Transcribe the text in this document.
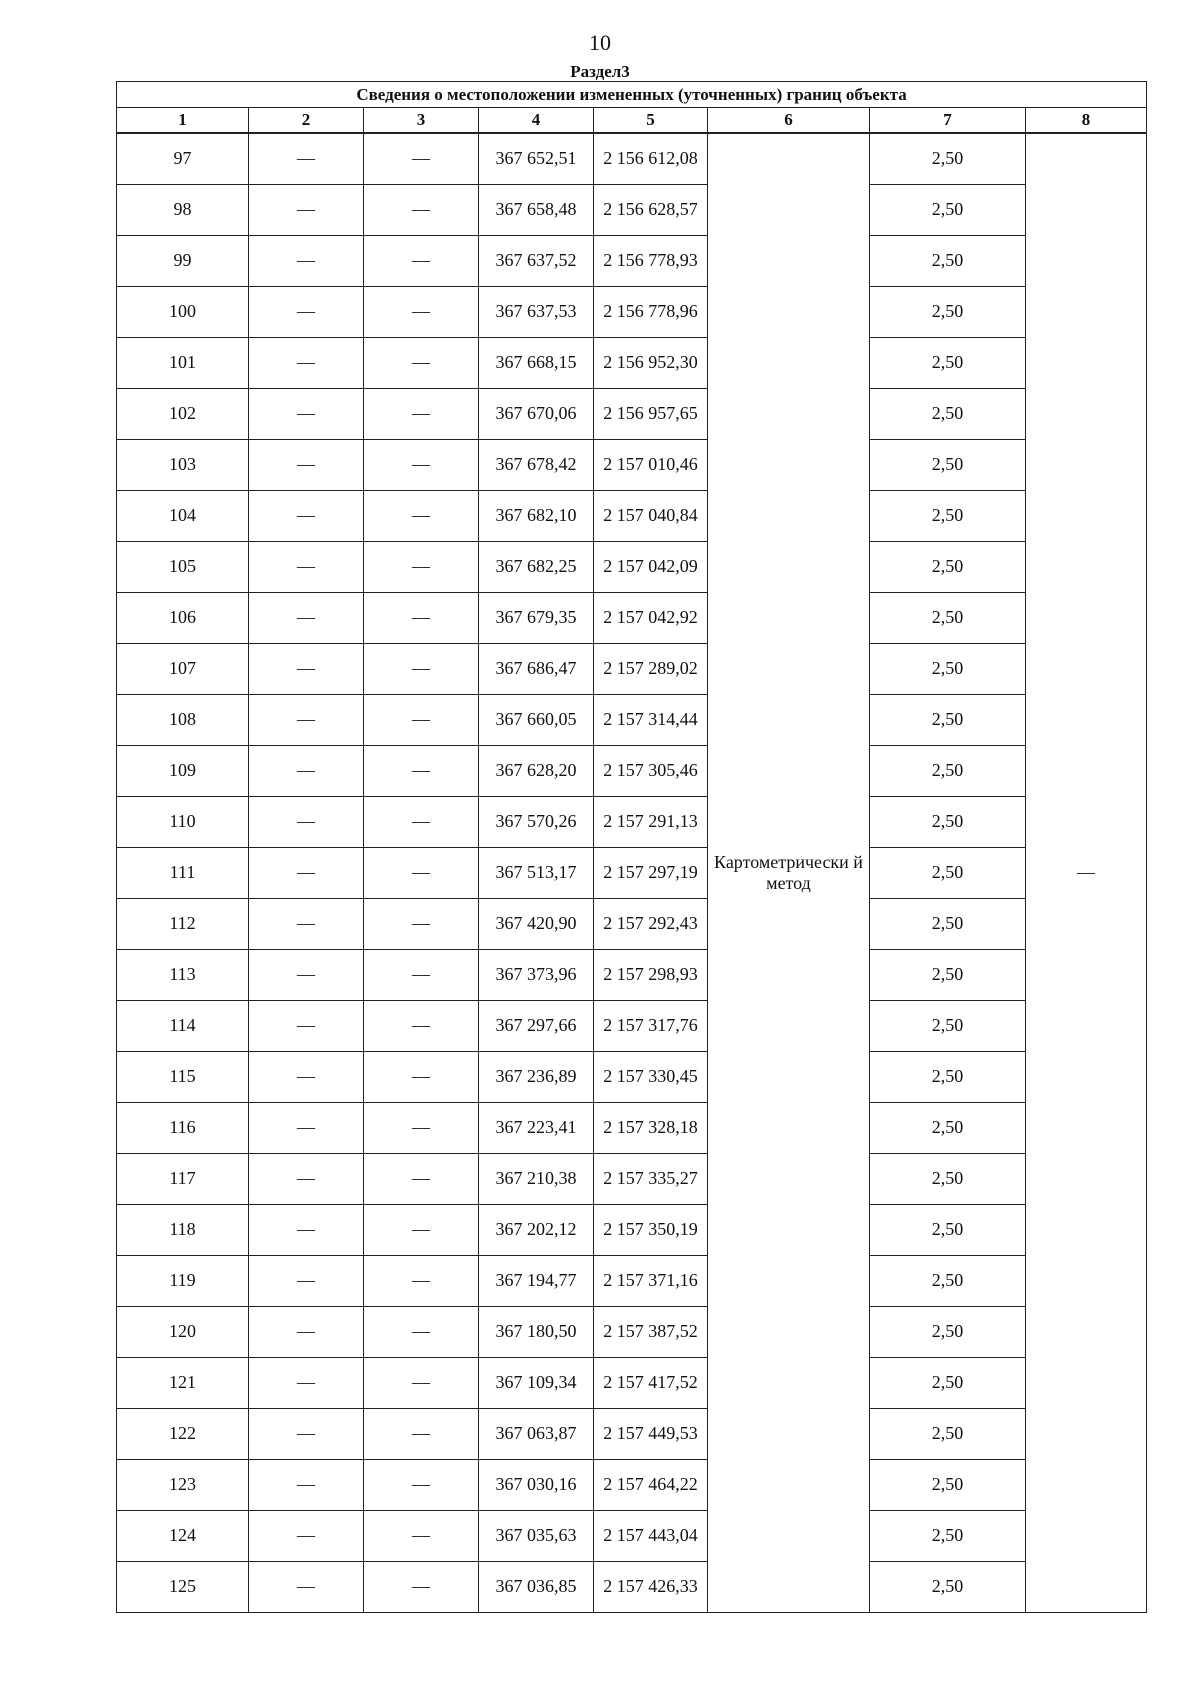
10
Раздел3
Сведения о местоположении измененных (уточненных) границ объекта							
1	2	3	4	5	6	7	8
97	—	—	367 652,51	2 156 612,08	Картометрически й метод	2,50	—
98	—	—	367 658,48	2 156 628,57		2,50	
99	—	—	367 637,52	2 156 778,93		2,50	
100	—	—	367 637,53	2 156 778,96		2,50	
101	—	—	367 668,15	2 156 952,30		2,50	
102	—	—	367 670,06	2 156 957,65		2,50	
103	—	—	367 678,42	2 157 010,46		2,50	
104	—	—	367 682,10	2 157 040,84		2,50	
105	—	—	367 682,25	2 157 042,09		2,50	
106	—	—	367 679,35	2 157 042,92		2,50	
107	—	—	367 686,47	2 157 289,02		2,50	
108	—	—	367 660,05	2 157 314,44		2,50	
109	—	—	367 628,20	2 157 305,46		2,50	
110	—	—	367 570,26	2 157 291,13		2,50	
111	—	—	367 513,17	2 157 297,19		2,50	
112	—	—	367 420,90	2 157 292,43		2,50	
113	—	—	367 373,96	2 157 298,93		2,50	
114	—	—	367 297,66	2 157 317,76		2,50	
115	—	—	367 236,89	2 157 330,45		2,50	
116	—	—	367 223,41	2 157 328,18		2,50	
117	—	—	367 210,38	2 157 335,27		2,50	
118	—	—	367 202,12	2 157 350,19		2,50	
119	—	—	367 194,77	2 157 371,16		2,50	
120	—	—	367 180,50	2 157 387,52		2,50	
121	—	—	367 109,34	2 157 417,52		2,50	
122	—	—	367 063,87	2 157 449,53		2,50	
123	—	—	367 030,16	2 157 464,22		2,50	
124	—	—	367 035,63	2 157 443,04		2,50	
125	—	—	367 036,85	2 157 426,33		2,50	
